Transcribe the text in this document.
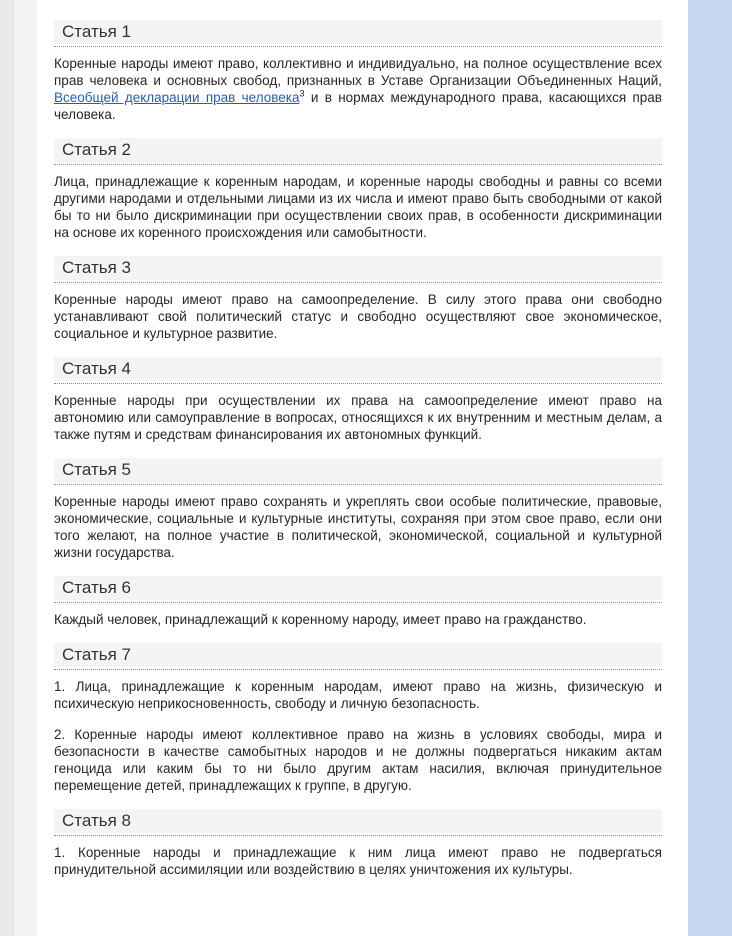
Статья 1

Коренные народы имеют право, коллективно и индивидуально, на полное осуществление всех прав человека и основных свобод, признанных в Уставе Организации Объединенных Наций, Всеобщей декларации прав человека$^3$ и в нормах международного права, касающихся прав человека.

Статья 2

Лица, принадлежащие к коренным народам, и коренные народы свободны и равны со всеми другими народами и отдельными лицами из их числа и имеют право быть свободными от какой бы то ни было дискриминации при осуществлении своих прав, в особенности дискриминации на основе их коренного происхождения или самобытности.

Статья 3

Коренные народы имеют право на самоопределение. В силу этого права они свободно устанавливают свой политический статус и свободно осуществляют свое экономическое, социальное и культурное развитие.

Статья 4

Коренные народы при осуществлении их права на самоопределение имеют право на автономию или самоуправление в вопросах, относящихся к их внутренним и местным делам, а также путям и средствам финансирования их автономных функций.

Статья 5

Коренные народы имеют право сохранять и укреплять свои особые политические, правовые, экономические, социальные и культурные институты, сохраняя при этом свое право, если они того желают, на полное участие в политической, экономической, социальной и культурной жизни государства.

Статья 6

Каждый человек, принадлежащий к коренному народу, имеет право на гражданство.

Статья 7

1. Лица, принадлежащие к коренным народам, имеют право на жизнь, физическую и психическую неприкосновенность, свободу и личную безопасность.

2. Коренные народы имеют коллективное право на жизнь в условиях свободы, мира и безопасности в качестве самобытных народов и не должны подвергаться никаким актам геноцида или каким бы то ни было другим актам насилия, включая принудительное перемещение детей, принадлежащих к группе, в другую.

Статья 8

1. Коренные народы и принадлежащие к ним лица имеют право не подвергаться принудительной ассимиляции или воздействию в целях уничтожения их культуры.
